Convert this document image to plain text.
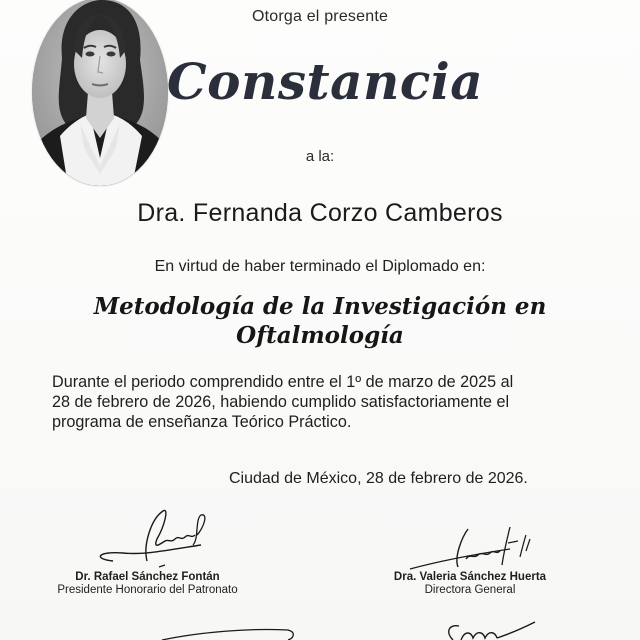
Otorga el presente
Constancia
a la:
Dra. Fernanda Corzo Camberos
En virtud de haber terminado el Diplomado en:
Metodología de la Investigación en
Oftalmología
Durante el periodo comprendido entre el 1º de marzo de 2025 al
28 de febrero de 2026, habiendo cumplido satisfactoriamente el
programa de enseñanza Teórico Práctico.
Ciudad de México, 28 de febrero de 2026.
Dr. Rafael Sánchez Fontán
Presidente Honorario del Patronato
Dra. Valeria Sánchez Huerta
Directora General
